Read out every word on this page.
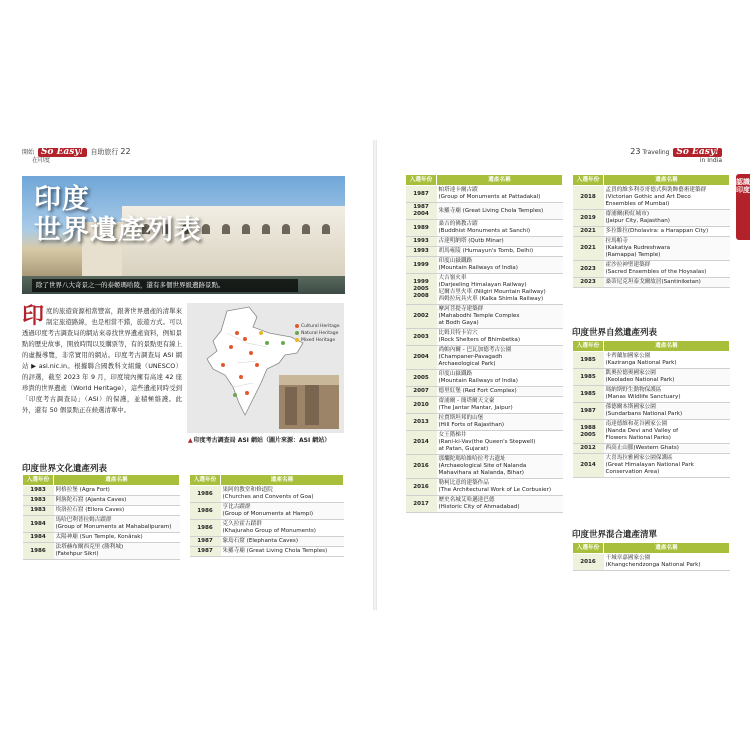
開始 So Easy! 自助旅行 22
在印度
23 Traveling So Easy!
in India
認識印度
印度
世界遺產列表
除了世界八大奇景之一的泰姬瑪哈陵，還有多個世界級遺跡景點。
印 度的旅遊資源相當豐富，跟著世界遺產的清單來制定旅遊路線，也是相當不錯，旅遊方式。可以透過印度考古調查局的網站來尋找世界遺產資料，例如景點的歷史故事，開放時間以及購票等，有的景點更有線上的虛擬導覽，非常實用的網站。印度考古調查局 ASI 網站 ▶ asi.nic.in。根據聯合國教科文組織（UNESCO）的評選，截至 2023 年 9 月，印度境內擁有高達 42 座珍貴的世界遺產（World Heritage），這些遺產同時受到「印度考古調查局」（ASI）的保護，並積極維護。此外，還有 50 個景點正在候選清單中。
Cultural Heritage
Natural Heritage
Mixed Heritage
▲印度考古調查局 ASI 網站（圖片來源：ASI 網站）
印度世界文化遺產列表
入選年份	遺產名稱
1983	阿格拉堡 (Agra Fort)
1983	阿旃陀石窟 (Ajanta Caves)
1983	埃洛拉石窟 (Ellora Caves)
1984	馬哈巴利普拉姆古蹟群
(Group of Monuments at Mahabalipuram)
1984	太陽神廟 (Sun Temple, Konârak)
1986	法塔赫布爾西克里 (勝利城)
(Fatehpur Sikri)
入選年份	遺產名稱
1986	果阿的教堂和修道院
(Churches and Convents of Goa)
1986	亨比古蹟群
(Group of Monuments at Hampi)
1986	克久拉霍古蹟群
(Khajuraho Group of Monuments)
1987	象島石窟 (Elephanta Caves)
1987	朱羅寺廟 (Great Living Chola Temples)
入選年份	遺產名稱
1987	帕塔達卡爾古蹟
(Group of Monuments at Pattadakal)
1987
2004	朱羅寺廟 (Great Living Chola Temples)
1989	桑吉的佛教古蹟
(Buddhist Monuments at Sanchi)
1993	古達明納塔 (Qutb Minar)
1993	胡馬雍陵 (Humayun's Tomb, Delhi)
1999	印度山嶽鐵路
(Mountain Railways of India)
1999
2005
2008	大吉嶺火車
(Darjeeling Himalayan Railway)
尼爾吉里火車 (Nilgiri Mountain Railway)
西姆拉玩具火車 (Kalka Shimla Railway)
2002	摩訶菩提寺建築群
(Mahabodhi Temple Complex
at Bodh Gaya)
2003	比姆貝特卡岩穴
(Rock Shelters of Bhimbetka)
2004	尚帕內爾 - 巴瓦加德考古公園
(Champaner-Pavagadh
Archaeological Park)
2005	印度山嶽鐵路
(Mountain Railways of India)
2007	德里紅堡 (Red Fort Complex)
2010	齋浦爾 - 簡塔爾天文臺
(The Jantar Mantar, Jaipur)
2013	拉賈斯坦邦的山堡
(Hill Forts of Rajasthan)
2014	女王階梯井
(Rani-ki-Vav(the Queen's Stepwell)
at Patan, Gujarat)
2016	那爛陀瑪哈維哈拉考古遺址
(Archaeological Site of Nalanda
Mahavihara at Nalanda, Bihar)
2016	勒柯比意的建築作品
(The Architectural Work of Le Corbusier)
2017	歷史名城艾哈邁達巴德
(Historic City of Ahmadabad)
入選年份	遺產名稱
2018	孟買的維多利亞哥德式與裝飾藝術建築群
(Victorian Gothic and Art Deco
Ensembles of Mumbai)
2019	齋浦爾(粉紅城市)
(Jaipur City, Rajasthan)
2021	多拉維拉(Dholavira: a Harappan City)
2021	拉馬帕寺
(Kakatiya Rudreshwara
(Ramappa) Temple)
2023	霍沙拉神聖建築群
(Sacred Ensembles of the Hoysalas)
2023	桑蒂尼克坦泰戈爾故居(Santiniketan)
印度世界自然遺產列表
入選年份	遺產名稱
1985	卡齊蘭加國家公園
(Kaziranga National Park)
1985	凱奧拉德奧國家公園
(Keoladeo National Park)
1985	瑪納斯野生動物保護區
(Manas Wildlife Sanctuary)
1987	孫德爾本斯國家公園
(Sundarbans National Park)
1988
2005	南達德維和花谷國家公園
(Nanda Devi and Valley of
Flowers National Parks)
2012	西高止山脈(Western Ghats)
2014	大喜馬拉雅國家公園保護區
(Great Himalayan National Park
Conservation Area)
印度世界混合遺產清單
入選年份	遺產名稱
2016	干城章嘉國家公園
(Khangchendzonga National Park)
